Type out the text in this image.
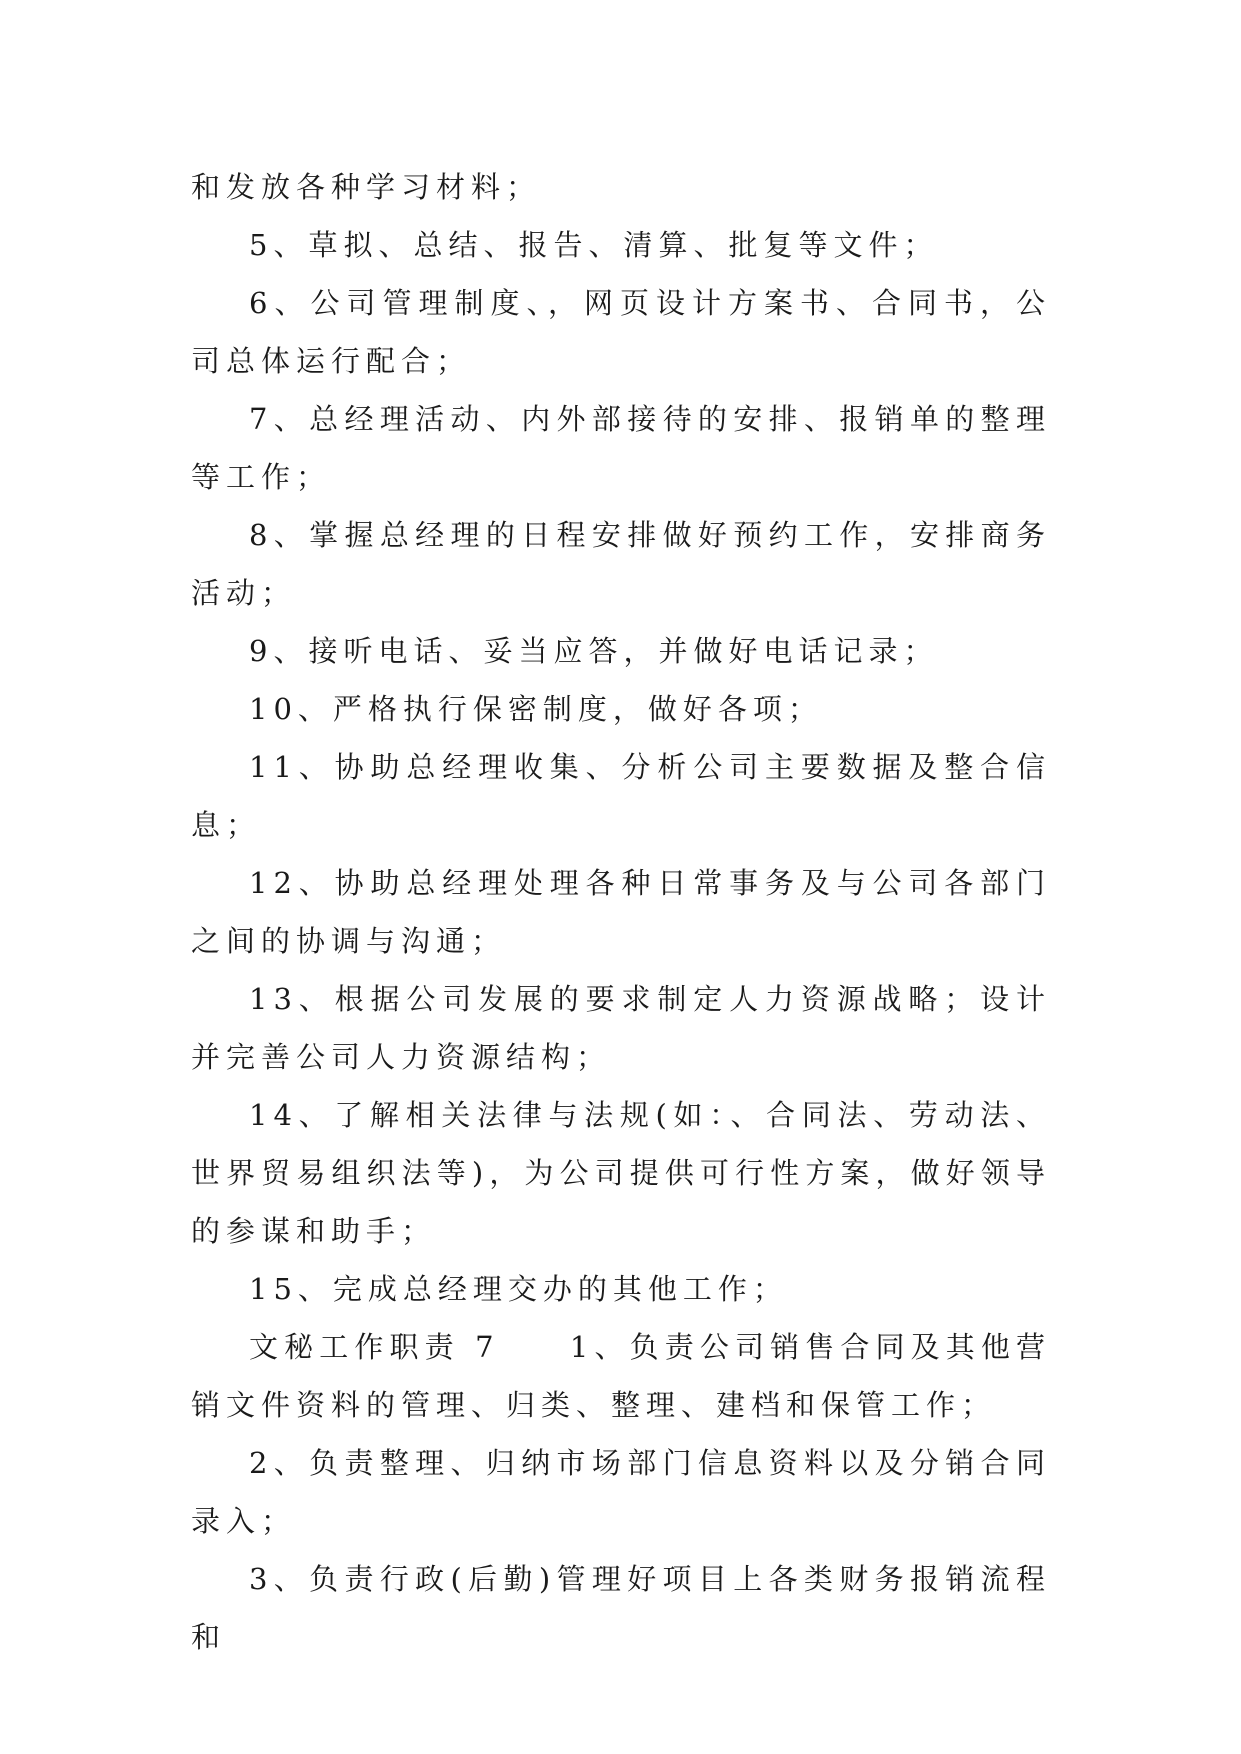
和发放各种学习材料；

5、草拟、总结、报告、清算、批复等文件；

6、公司管理制度、，网页设计方案书、合同书，公司总体运行配合；

7、总经理活动、内外部接待的安排、报销单的整理等工作；

8、掌握总经理的日程安排做好预约工作，安排商务活动；

9、接听电话、妥当应答，并做好电话记录；

10、严格执行保密制度，做好各项；

11、协助总经理收集、分析公司主要数据及整合信息；

12、协助总经理处理各种日常事务及与公司各部门之间的协调与沟通；

13、根据公司发展的要求制定人力资源战略；设计并完善公司人力资源结构；

14、了解相关法律与法规(如：、合同法、劳动法、世界贸易组织法等)，为公司提供可行性方案，做好领导的参谋和助手；

15、完成总经理交办的其他工作；

文秘工作职责 7　　1、负责公司销售合同及其他营销文件资料的管理、归类、整理、建档和保管工作；

2、负责整理、归纳市场部门信息资料以及分销合同录入；

3、负责行政(后勤)管理好项目上各类财务报销流程和
